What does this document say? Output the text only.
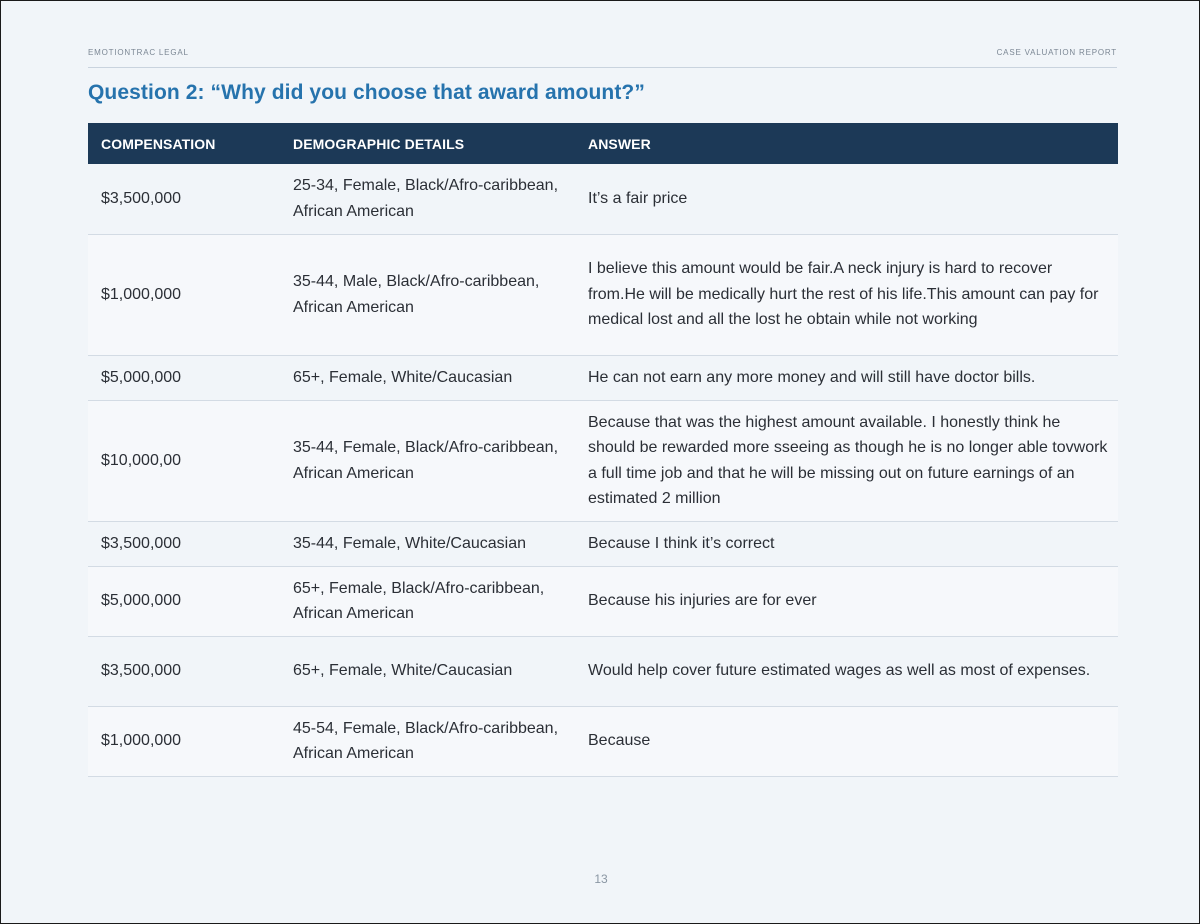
EMOTIONTRAC LEGAL	CASE VALUATION REPORT
Question 2: “Why did you choose that award amount?”
COMPENSATION	DEMOGRAPHIC DETAILS	ANSWER
$3,500,000	25-34, Female, Black/Afro-caribbean, African American	It’s a fair price
$1,000,000	35-44, Male, Black/Afro-caribbean, African American	I believe this amount would be fair.A neck injury is hard to recover from.He will be medically hurt the rest of his life.This amount can pay for medical lost and all the lost he obtain while not working
$5,000,000	65+, Female, White/Caucasian	He can not earn any more money and will still have doctor bills.
$10,000,00	35-44, Female, Black/Afro-caribbean, African American	Because that was the highest amount available. I honestly think he should be rewarded more sseeing as though he is no longer able tovwork a full time job and that he will be missing out on future earnings of an estimated 2 million
$3,500,000	35-44, Female, White/Caucasian	Because I think it’s correct
$5,000,000	65+, Female, Black/Afro-caribbean, African American	Because his injuries are for ever
$3,500,000	65+, Female, White/Caucasian	Would help cover future estimated wages as well as most of expenses.
$1,000,000	45-54, Female, Black/Afro-caribbean, African American	Because
13
